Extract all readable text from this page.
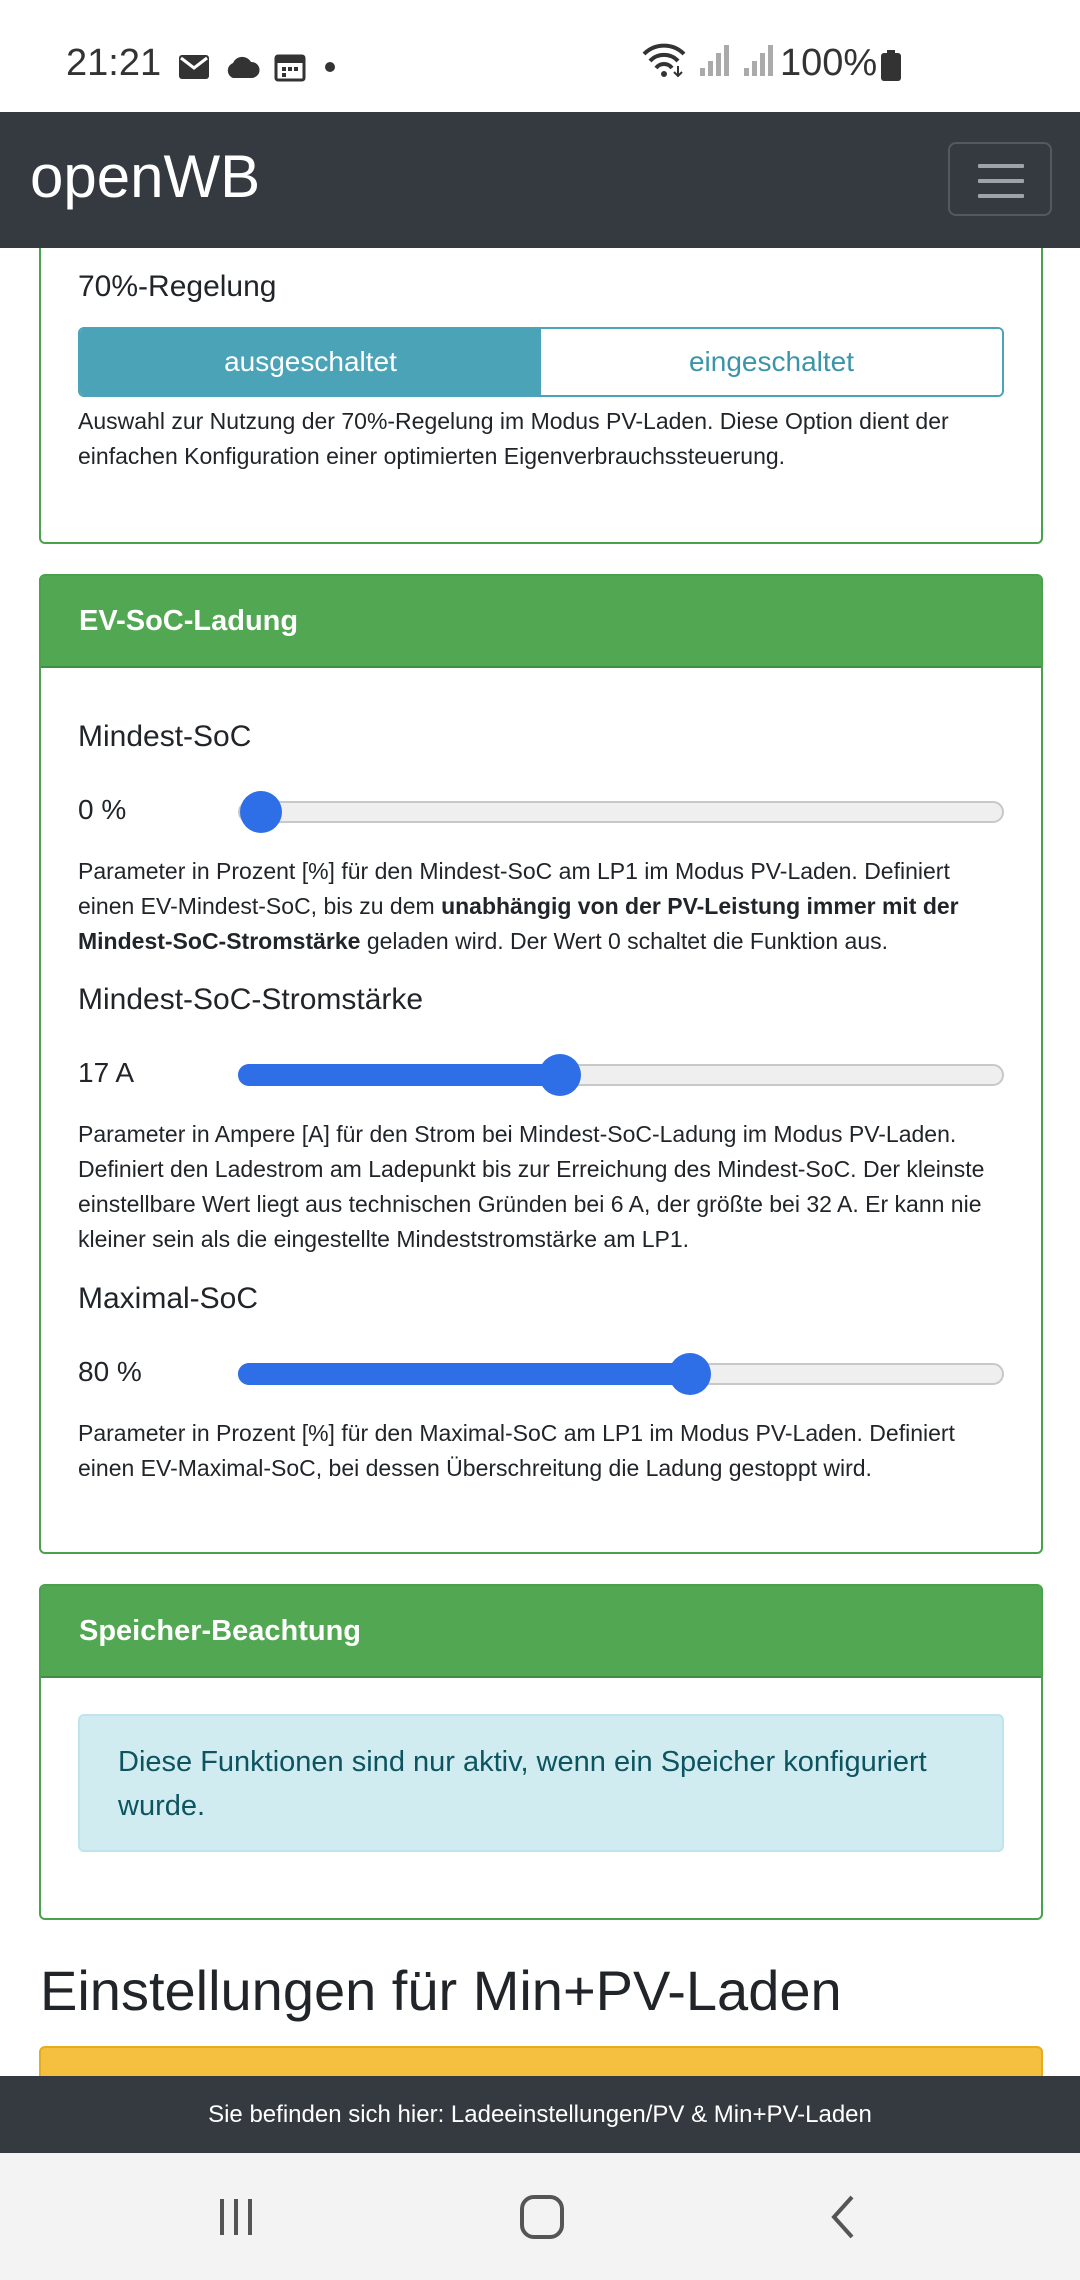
21:21	100%
openWB
70%-Regelung
ausgeschaltet	eingeschaltet
Auswahl zur Nutzung der 70%-Regelung im Modus PV-Laden. Diese Option dient der einfachen Konfiguration einer optimierten Eigenverbrauchssteuerung.
EV-SoC-Ladung
Mindest-SoC
0 %
Parameter in Prozent [%] für den Mindest-SoC am LP1 im Modus PV-Laden. Definiert einen EV-Mindest-SoC, bis zu dem unabhängig von der PV-Leistung immer mit der Mindest-SoC-Stromstärke geladen wird. Der Wert 0 schaltet die Funktion aus.
Mindest-SoC-Stromstärke
17 A
Parameter in Ampere [A] für den Strom bei Mindest-SoC-Ladung im Modus PV-Laden. Definiert den Ladestrom am Ladepunkt bis zur Erreichung des Mindest-SoC. Der kleinste einstellbare Wert liegt aus technischen Gründen bei 6 A, der größte bei 32 A. Er kann nie kleiner sein als die eingestellte Mindeststromstärke am LP1.
Maximal-SoC
80 %
Parameter in Prozent [%] für den Maximal-SoC am LP1 im Modus PV-Laden. Definiert einen EV-Maximal-SoC, bei dessen Überschreitung die Ladung gestoppt wird.
Speicher-Beachtung
Diese Funktionen sind nur aktiv, wenn ein Speicher konfiguriert wurde.
Einstellungen für Min+PV-Laden
Sie befinden sich hier: Ladeeinstellungen/PV & Min+PV-Laden
